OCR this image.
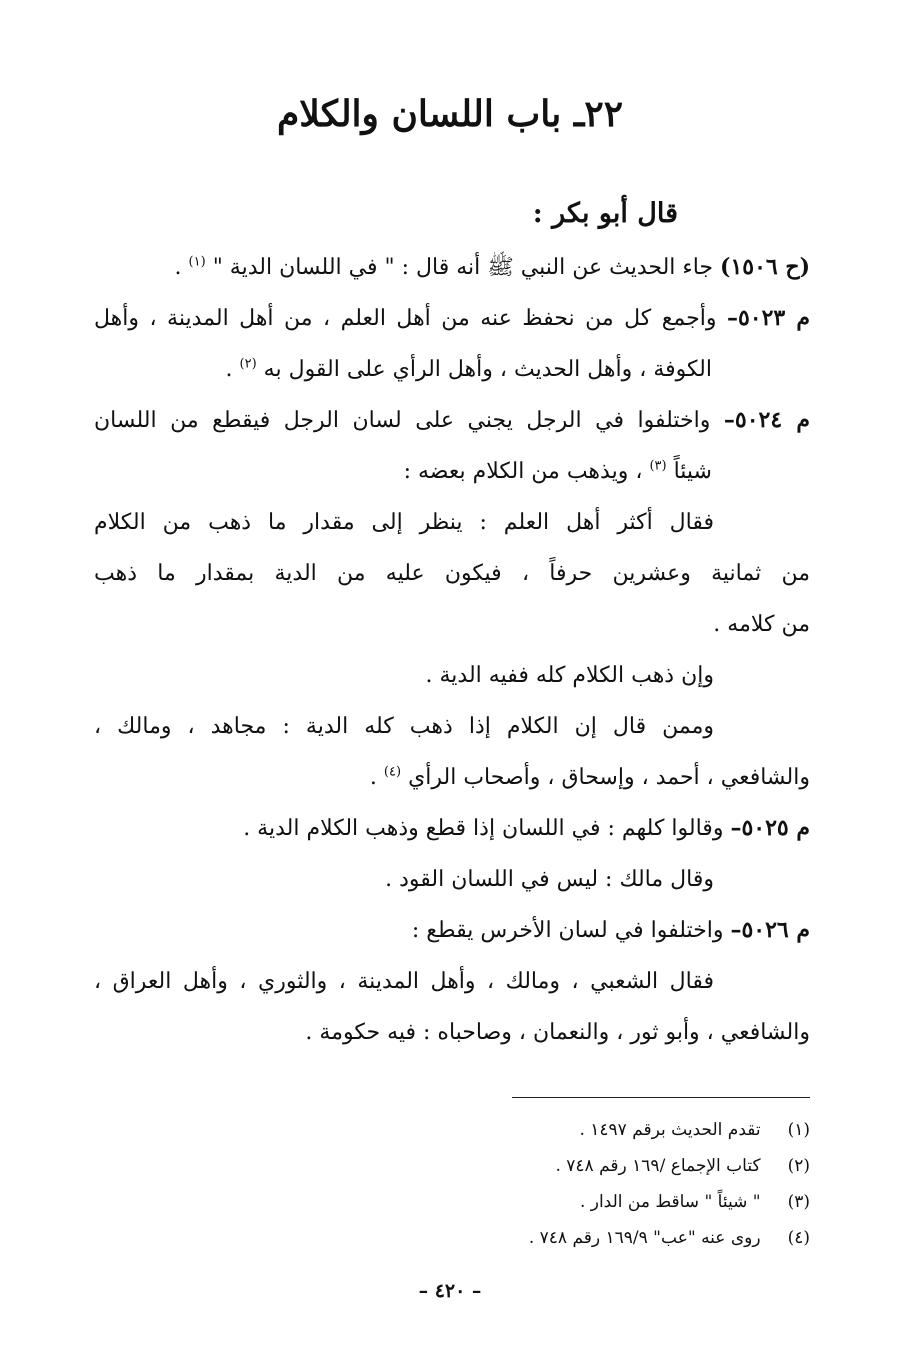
٢٢ـ باب اللسان والكلام
قال أبو بكر :
(ح ١٥٠٦) جاء الحديث عن النبي ﷺ أنه قال : " في اللسان الدية " $^{(١)}$ .
م ٥٠٢٣– وأجمع كل من نحفظ عنه من أهل العلم ، من أهل المدينة ، وأهل
الكوفة ، وأهل الحديث ، وأهل الرأي على القول به $^{(٢)}$ .
م ٥٠٢٤– واختلفوا في الرجل يجني على لسان الرجل فيقطع من اللسان
شيئاً $^{(٣)}$ ، ويذهب من الكلام بعضه :
فقال أكثر أهل العلم : ينظر إلى مقدار ما ذهب من الكلام
من ثمانية وعشرين حرفاً ، فيكون عليه من الدية بمقدار ما ذهب
من كلامه .
وإن ذهب الكلام كله ففيه الدية .
وممن قال إن الكلام إذا ذهب كله الدية : مجاهد ، ومالك ،
والشافعي ، أحمد ، وإسحاق ، وأصحاب الرأي $^{(٤)}$ .
م ٥٠٢٥– وقالوا كلهم : في اللسان إذا قطع وذهب الكلام الدية .
وقال مالك : ليس في اللسان القود .
م ٥٠٢٦– واختلفوا في لسان الأخرس يقطع :
فقال الشعبي ، ومالك ، وأهل المدينة ، والثوري ، وأهل العراق ،
والشافعي ، وأبو ثور ، والنعمان ، وصاحباه : فيه حكومة .
(١) تقدم الحديث برقم ١٤٩٧ .
(٢) كتاب الإجماع /١٦٩ رقم ٧٤٨ .
(٣) " شيئاً " ساقط من الدار .
(٤) روى عنه "عب" ١٦٩/٩ رقم ٧٤٨ .
– ٤٢٠ –
